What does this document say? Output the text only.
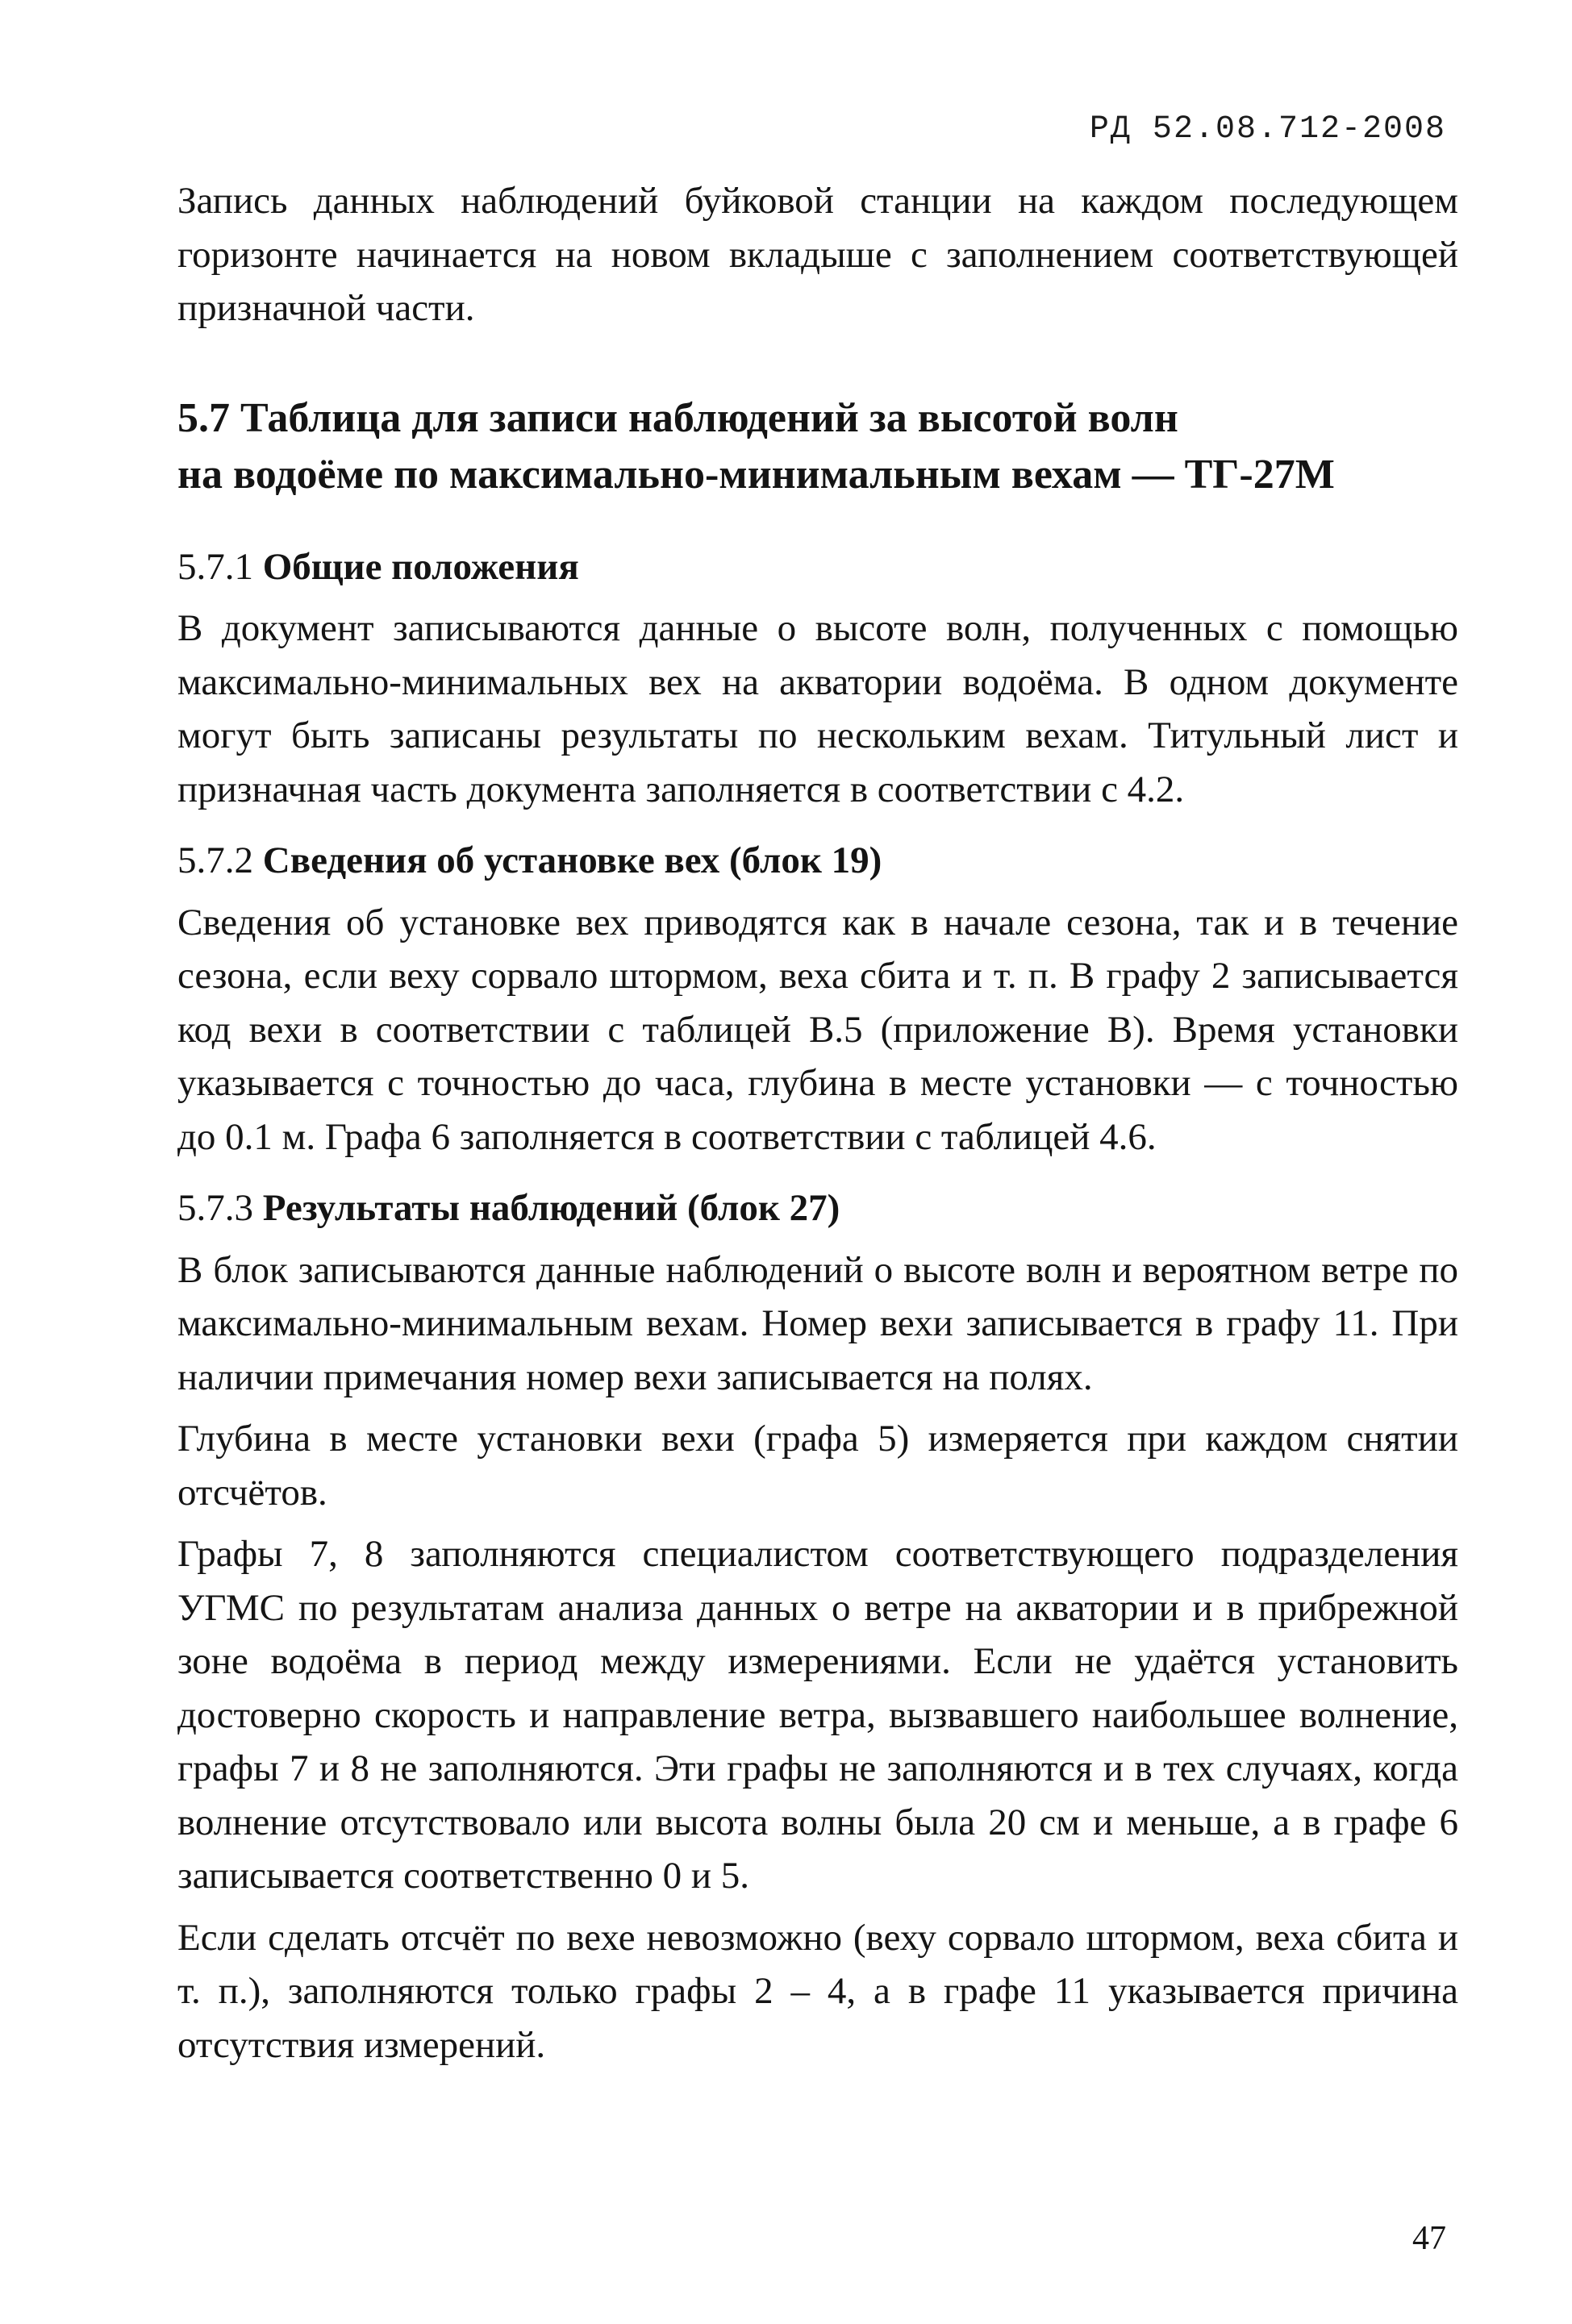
РД 52.08.712-2008

Запись данных наблюдений буйковой станции на каждом последующем горизонте начинается на новом вкладыше с заполнением соответствующей призначной части.

5.7 Таблица для записи наблюдений за высотой волн
на водоёме по максимально-минимальным вехам — ТГ-27М
5.7.1 Общие положения

В документ записываются данные о высоте волн, полученных с помощью максимально-минимальных вех на акватории водоёма. В одном документе могут быть записаны результаты по нескольким вехам. Титульный лист и призначная часть документа заполняется в соответствии с 4.2.

5.7.2 Сведения об установке вех (блок 19)

Сведения об установке вех приводятся как в начале сезона, так и в течение сезона, если веху сорвало штормом, веха сбита и т. п. В графу 2 записывается код вехи в соответствии с таблицей В.5 (приложение В). Время установки указывается с точностью до часа, глубина в месте установки — с точностью до 0.1 м. Графа 6 заполняется в соответствии с таблицей 4.6.

5.7.3 Результаты наблюдений (блок 27)

В блок записываются данные наблюдений о высоте волн и вероятном ветре по максимально-минимальным вехам. Номер вехи записывается в графу 11. При наличии примечания номер вехи записывается на полях.

Глубина в месте установки вехи (графа 5) измеряется при каждом снятии отсчётов.

Графы 7, 8 заполняются специалистом соответствующего подразделения УГМС по результатам анализа данных о ветре на акватории и в прибрежной зоне водоёма в период между измерениями. Если не удаётся установить достоверно скорость и направление ветра, вызвавшего наибольшее волнение, графы 7 и 8 не заполняются. Эти графы не заполняются и в тех случаях, когда волнение отсутствовало или высота волны была 20 см и меньше, а в графе 6 записывается соответственно 0 и 5.

Если сделать отсчёт по вехе невозможно (веху сорвало штормом, веха сбита и т. п.), заполняются только графы 2 – 4, а в графе 11 указывается причина отсутствия измерений.

47
